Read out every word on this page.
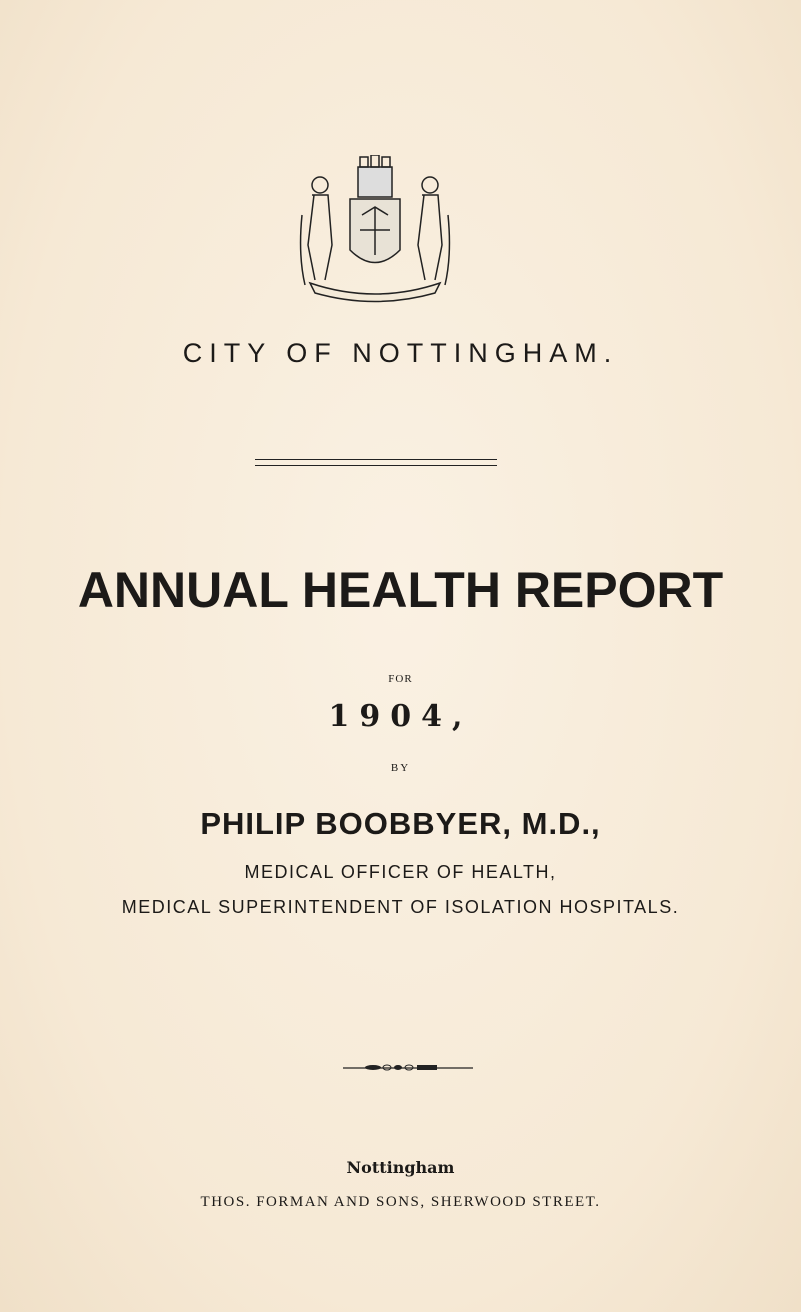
CITY OF NOTTINGHAM.
ANNUAL HEALTH REPORT
FOR
1904,
BY
PHILIP BOOBBYER, M.D.,
MEDICAL OFFICER OF HEALTH,
MEDICAL SUPERINTENDENT OF ISOLATION HOSPITALS.
Nottingham
THOS. FORMAN AND SONS, SHERWOOD STREET.
